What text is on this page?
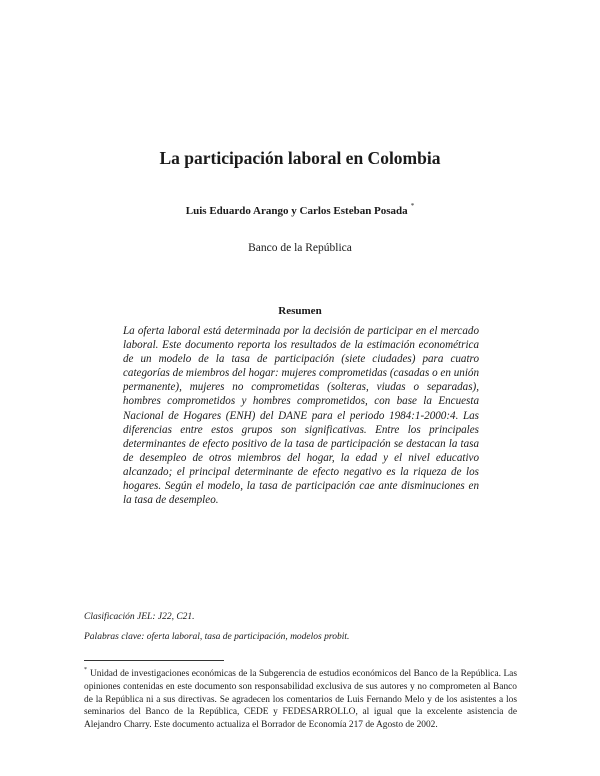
La participación laboral en Colombia
Luis Eduardo Arango y Carlos Esteban Posada *
Banco de la República
Resumen
La oferta laboral está determinada por la decisión de participar en el mercado laboral. Este documento reporta los resultados de la estimación econométrica de un modelo de la tasa de participación (siete ciudades) para cuatro categorías de miembros del hogar: mujeres comprometidas (casadas o en unión permanente), mujeres no comprometidas (solteras, viudas o separadas), hombres comprometidos y hombres comprometidos, con base la Encuesta Nacional de Hogares (ENH) del DANE para el periodo 1984:1-2000:4. Las diferencias entre estos grupos son significativas. Entre los principales determinantes de efecto positivo de la tasa de participación se destacan la tasa de desempleo de otros miembros del hogar, la edad y el nivel educativo alcanzado; el principal determinante de efecto negativo es la riqueza de los hogares. Según el modelo, la tasa de participación cae ante disminuciones en la tasa de desempleo.
Clasificación JEL: J22, C21.
Palabras clave: oferta laboral, tasa de participación, modelos probit.
* Unidad de investigaciones económicas de la Subgerencia de estudios económicos del Banco de la República. Las opiniones contenidas en este documento son responsabilidad exclusiva de sus autores y no comprometen al Banco de la República ni a sus directivas. Se agradecen los comentarios de Luis Fernando Melo y de los asistentes a los seminarios del Banco de la República, CEDE y FEDESARROLLO, al igual que la excelente asistencia de Alejandro Charry. Este documento actualiza el Borrador de Economía 217 de Agosto de 2002.
